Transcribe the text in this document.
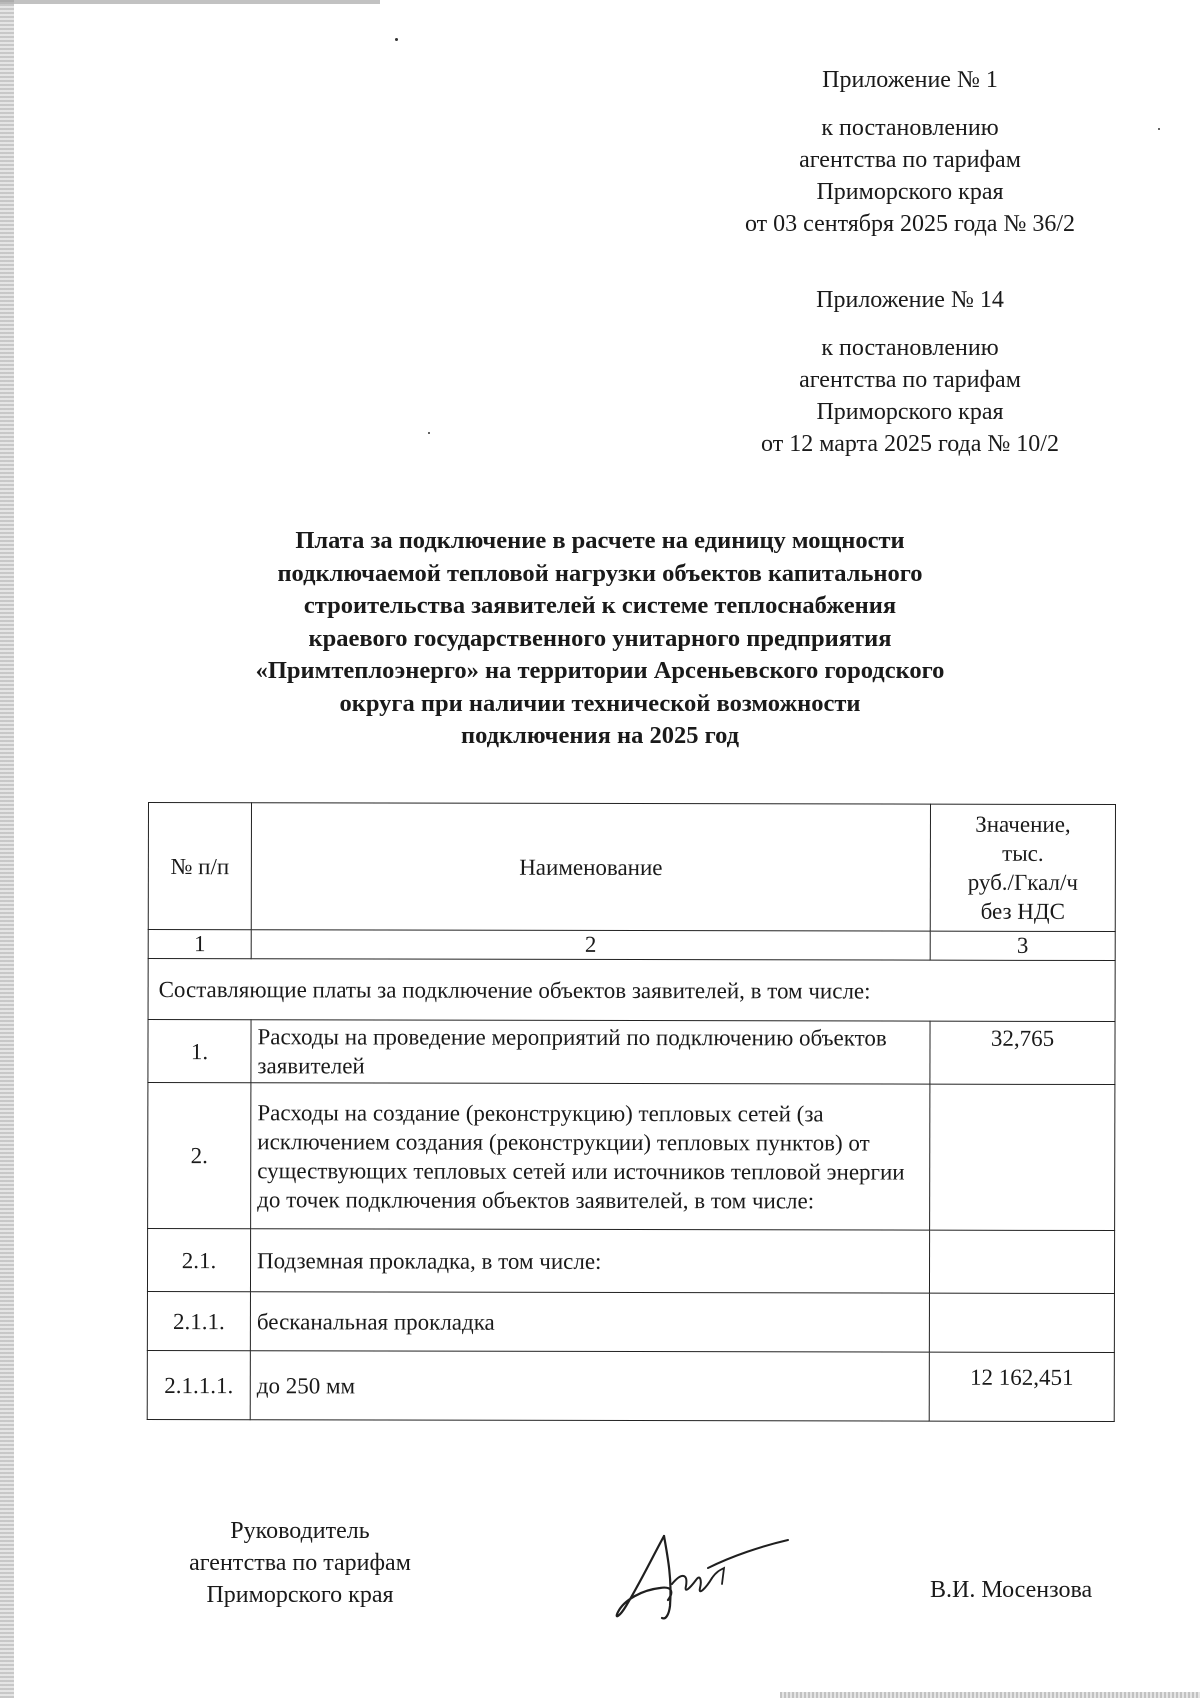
Приложение № 1
к постановлению
агентства по тарифам
Приморского края
от 03 сентября 2025 года № 36/2
Приложение № 14
к постановлению
агентства по тарифам
Приморского края
от 12 марта 2025 года № 10/2
Плата за подключение в расчете на единицу мощности
подключаемой тепловой нагрузки объектов капитального
строительства заявителей к системе теплоснабжения
краевого государственного унитарного предприятия
«Примтеплоэнерго» на территории Арсеньевского городского
округа при наличии технической возможности
подключения на 2025 год
№ п/п	Наименование	Значение,
тыс.
руб./Гкал/ч
без НДС

1	2	3
Составляющие платы за подключение объектов заявителей, в том числе:		
1.	Расходы на проведение мероприятий по подключению объектов заявителей	32,765
2.	Расходы на создание (реконструкцию) тепловых сетей (за исключением создания (реконструкции) тепловых пунктов) от существующих тепловых сетей или источников тепловой энергии до точек подключения объектов заявителей, в том числе:	
2.1.	Подземная прокладка, в том числе:	
2.1.1.	бесканальная прокладка	
2.1.1.1.	до 250 мм	12 162,451
Руководитель
агентства по тарифам
Приморского края	В.И. Мосензова
